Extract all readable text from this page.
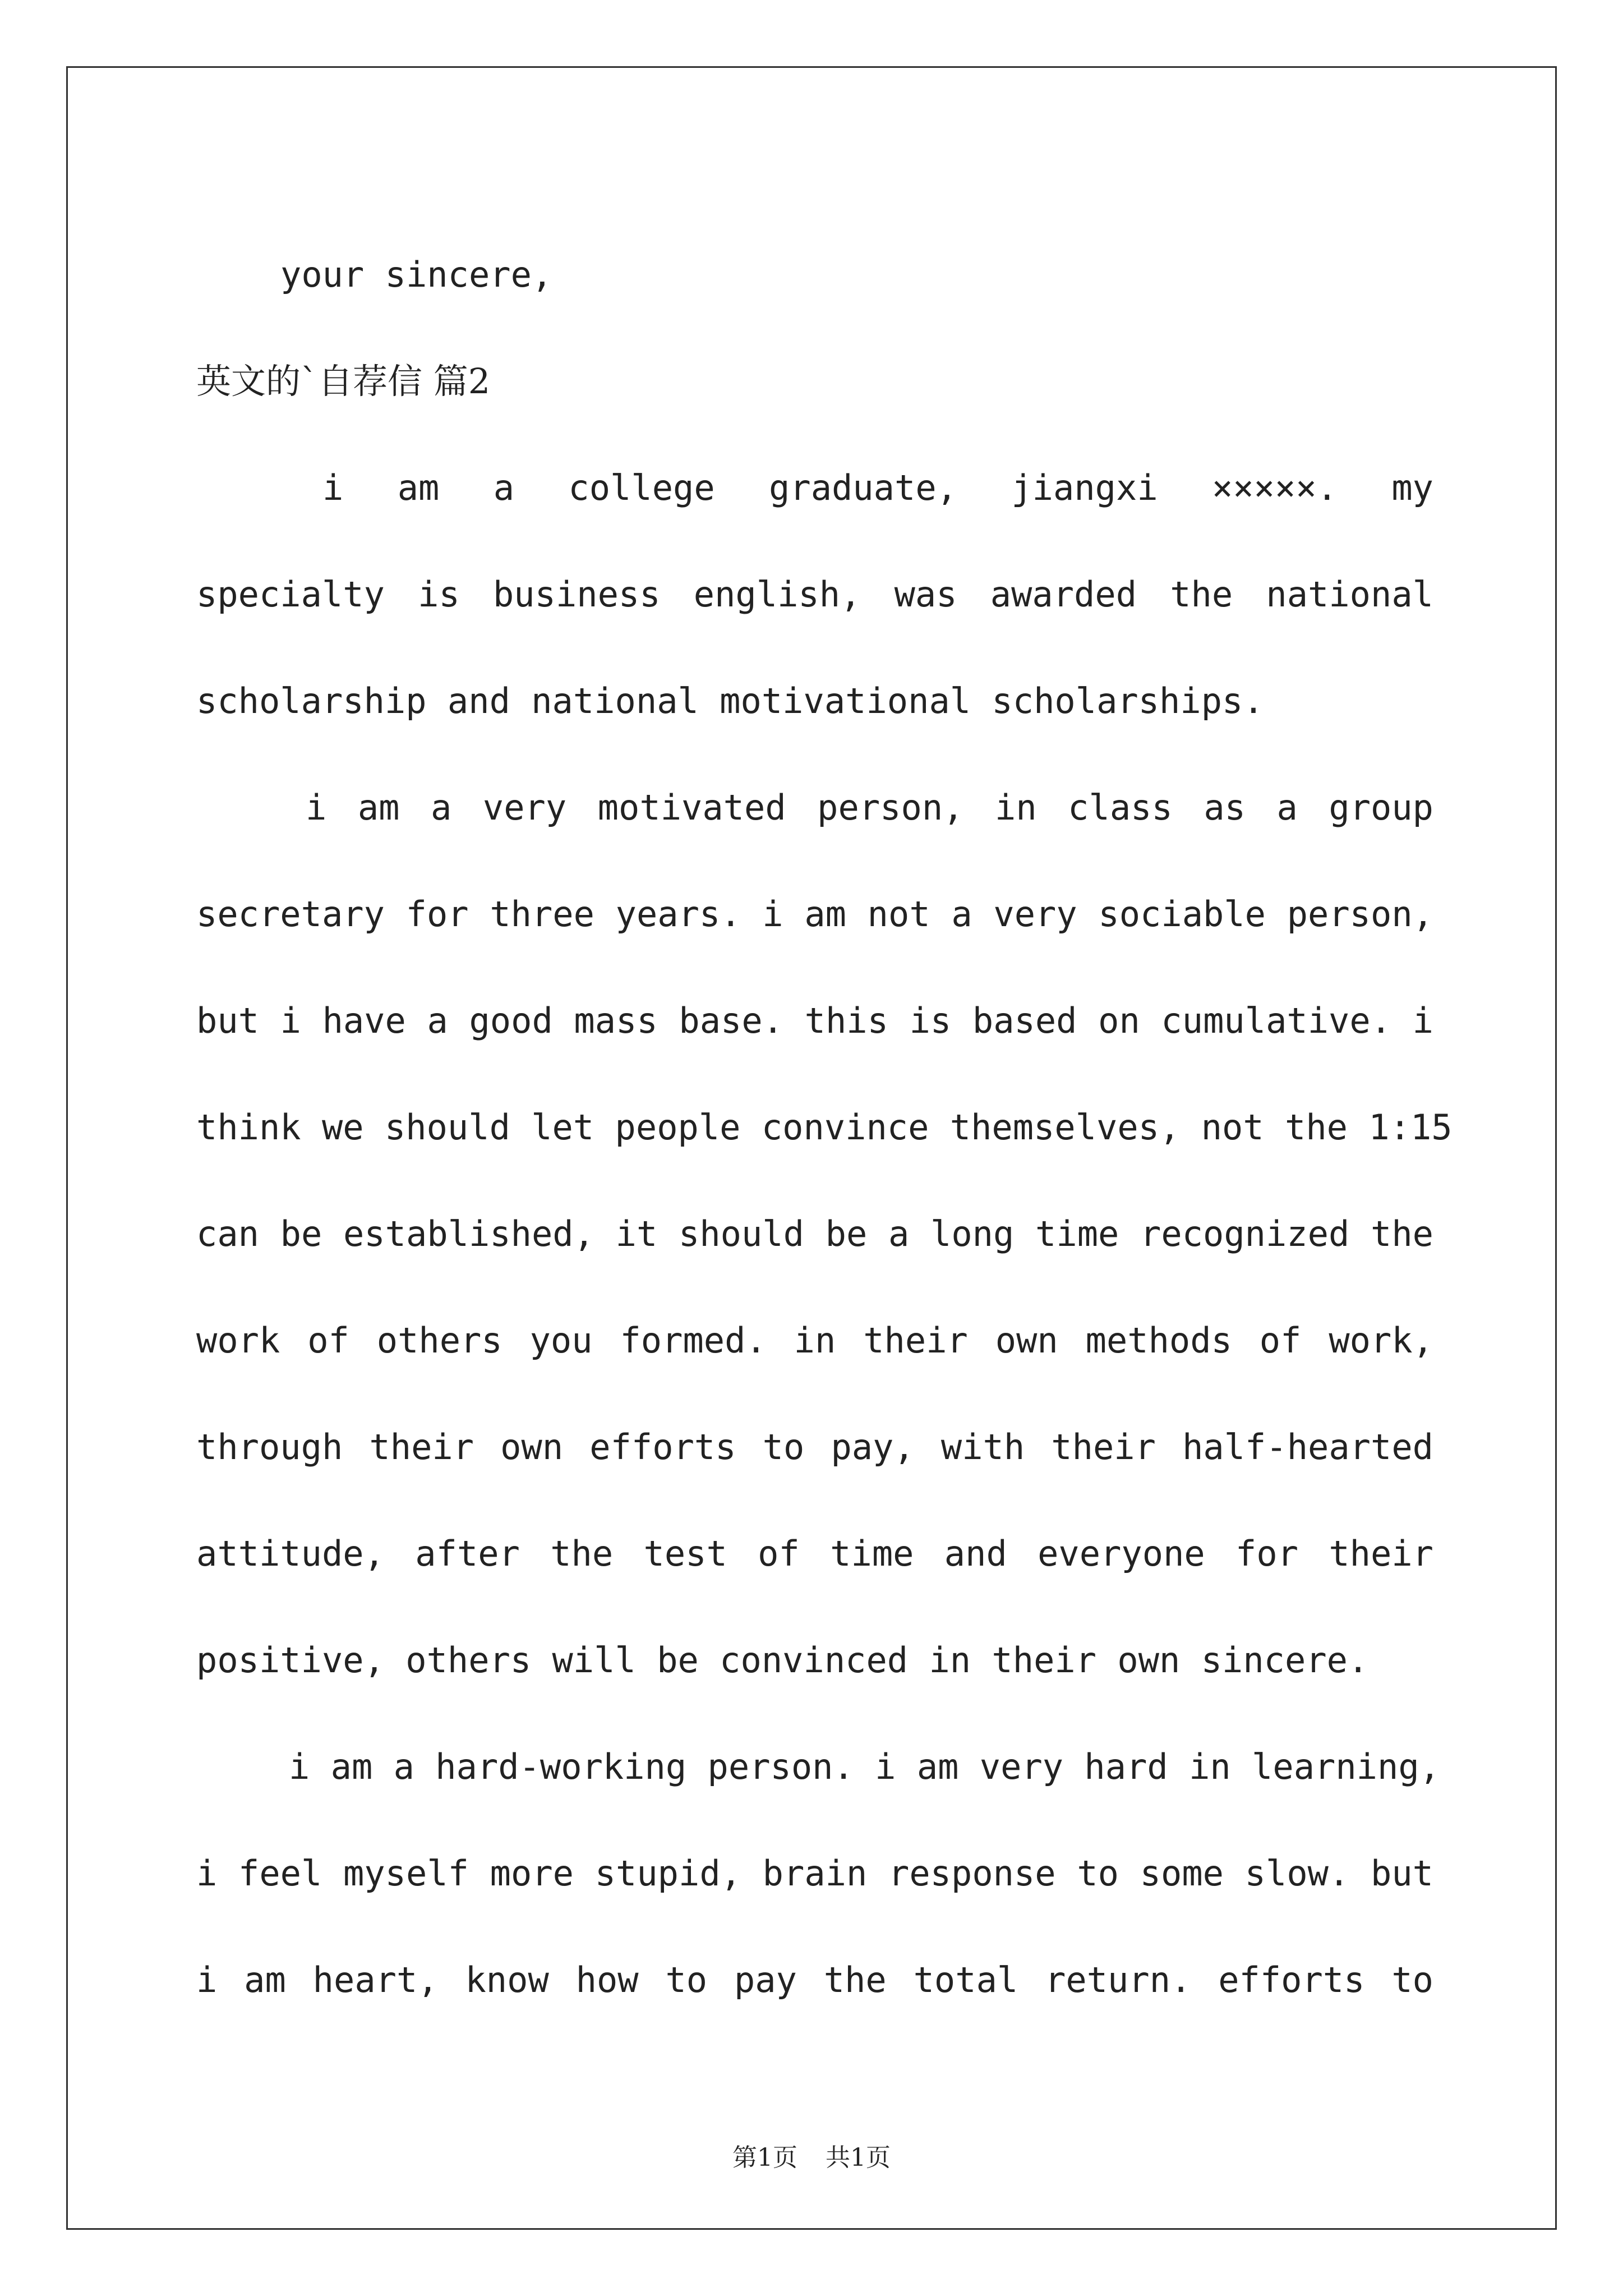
your sincere,
英文的`自荐信 篇2
i am a college graduate, jiangxi ×××××. my
specialty is business english, was awarded the national
scholarship and national motivational scholarships.
i am a very motivated person, in class as a group
secretary for three years. i am not a very sociable person,
but i have a good mass base. this is based on cumulative. i
think we should let people convince themselves, not the 1:15
can be established, it should be a long time recognized the
work of others you formed. in their own methods of work,
through their own efforts to pay, with their half-hearted
attitude, after the test of time and everyone for their
positive, others will be convinced in their own sincere.
i am a hard-working person. i am very hard in learning,
i feel myself more stupid, brain response to some slow. but
i am heart, know how to pay the total return. efforts to
第1页 共1页
